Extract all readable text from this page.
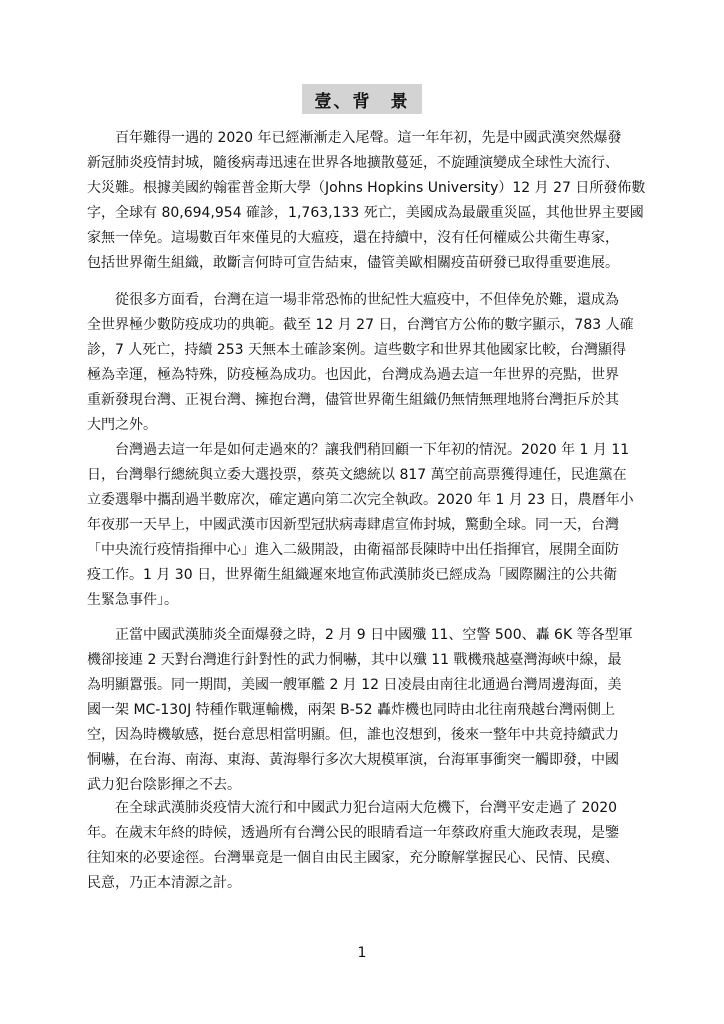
壹、背　景
百年難得一遇的 2020 年已經漸漸走入尾聲。這一年年初，先是中國武漢突然爆發
新冠肺炎疫情封城，隨後病毒迅速在世界各地擴散蔓延，不旋踵演變成全球性大流行、
大災難。根據美國約翰霍普金斯大學（Johns Hopkins University）12 月 27 日所發佈數
字，全球有 80,694,954 確診，1,763,133 死亡，美國成為最嚴重災區，其他世界主要國
家無一倖免。這場數百年來僅見的大瘟疫，還在持續中，沒有任何權威公共衛生專家，
包括世界衛生組織，敢斷言何時可宣告結束，儘管美歐相關疫苗研發已取得重要進展。
從很多方面看，台灣在這一場非常恐怖的世紀性大瘟疫中，不但倖免於難，還成為
全世界極少數防疫成功的典範。截至 12 月 27 日，台灣官方公佈的數字顯示，783 人確
診，7 人死亡，持續 253 天無本土確診案例。這些數字和世界其他國家比較，台灣顯得
極為幸運，極為特殊，防疫極為成功。也因此，台灣成為過去這一年世界的亮點，世界
重新發現台灣、正視台灣、擁抱台灣，儘管世界衛生組織仍無情無理地將台灣拒斥於其
大門之外。
台灣過去這一年是如何走過來的？讓我們稍回顧一下年初的情況。2020 年 1 月 11
日，台灣舉行總統與立委大選投票，蔡英文總統以 817 萬空前高票獲得連任，民進黨在
立委選舉中攜刮過半數席次，確定邁向第二次完全執政。2020 年 1 月 23 日，農曆年小
年夜那一天早上，中國武漢市因新型冠狀病毒肆虐宣佈封城，驚動全球。同一天，台灣
「中央流行疫情指揮中心」進入二級開設，由衛福部長陳時中出任指揮官，展開全面防
疫工作。1 月 30 日，世界衛生組織遲來地宣佈武漢肺炎已經成為「國際關注的公共衛
生緊急事件」。
正當中國武漢肺炎全面爆發之時，2 月 9 日中國殲 11、空警 500、轟 6K 等各型軍
機卻接連 2 天對台灣進行針對性的武力恫嚇，其中以殲 11 戰機飛越臺灣海峽中線，最
為明顯囂張。同一期間，美國一艘軍艦 2 月 12 日凌晨由南往北通過台灣周邊海面，美
國一架 MC-130J 特種作戰運輸機，兩架 B-52 轟炸機也同時由北往南飛越台灣兩側上
空，因為時機敏感，挺台意思相當明顯。但，誰也沒想到，後來一整年中共竟持續武力
恫嚇，在台海、南海、東海、黃海舉行多次大規模軍演，台海軍事衝突一觸即發，中國
武力犯台陰影揮之不去。
在全球武漢肺炎疫情大流行和中國武力犯台這兩大危機下，台灣平安走過了 2020
年。在歲末年終的時候，透過所有台灣公民的眼睛看這一年蔡政府重大施政表現，是鑒
往知來的必要途徑。台灣畢竟是一個自由民主國家，充分瞭解掌握民心、民情、民瘼、
民意，乃正本清源之計。
1
